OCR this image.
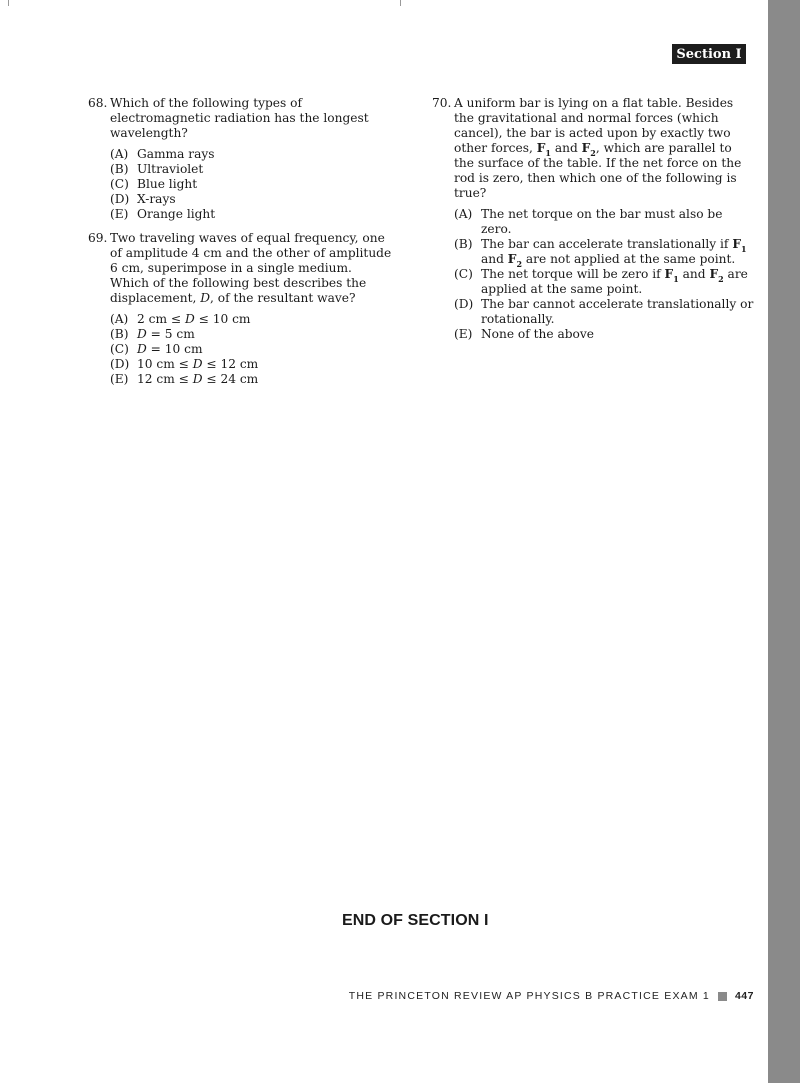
Section I
68. Which of the following types of electromagnetic radiation has the longest wavelength?
(A) Gamma rays
(B) Ultraviolet
(C) Blue light
(D) X-rays
(E) Orange light
69. Two traveling waves of equal frequency, one of amplitude 4 cm and the other of amplitude 6 cm, superimpose in a single medium. Which of the following best describes the displacement, D, of the resultant wave?
(A) 2 cm ≤ D ≤ 10 cm
(B) D = 5 cm
(C) D = 10 cm
(D) 10 cm ≤ D ≤ 12 cm
(E) 12 cm ≤ D ≤ 24 cm
70. A uniform bar is lying on a flat table. Besides the gravitational and normal forces (which cancel), the bar is acted upon by exactly two other forces, $F_1$ and $F_2$, which are parallel to the surface of the table. If the net force on the rod is zero, then which one of the following is true?
(A) The net torque on the bar must also be zero.
(B) The bar can accelerate translationally if $F_1$ and $F_2$ are not applied at the same point.
(C) The net torque will be zero if $F_1$ and $F_2$ are applied at the same point.
(D) The bar cannot accelerate translationally or rotationally.
(E) None of the above
END OF SECTION I
THE PRINCETON REVIEW AP PHYSICS B PRACTICE EXAM 1 447
